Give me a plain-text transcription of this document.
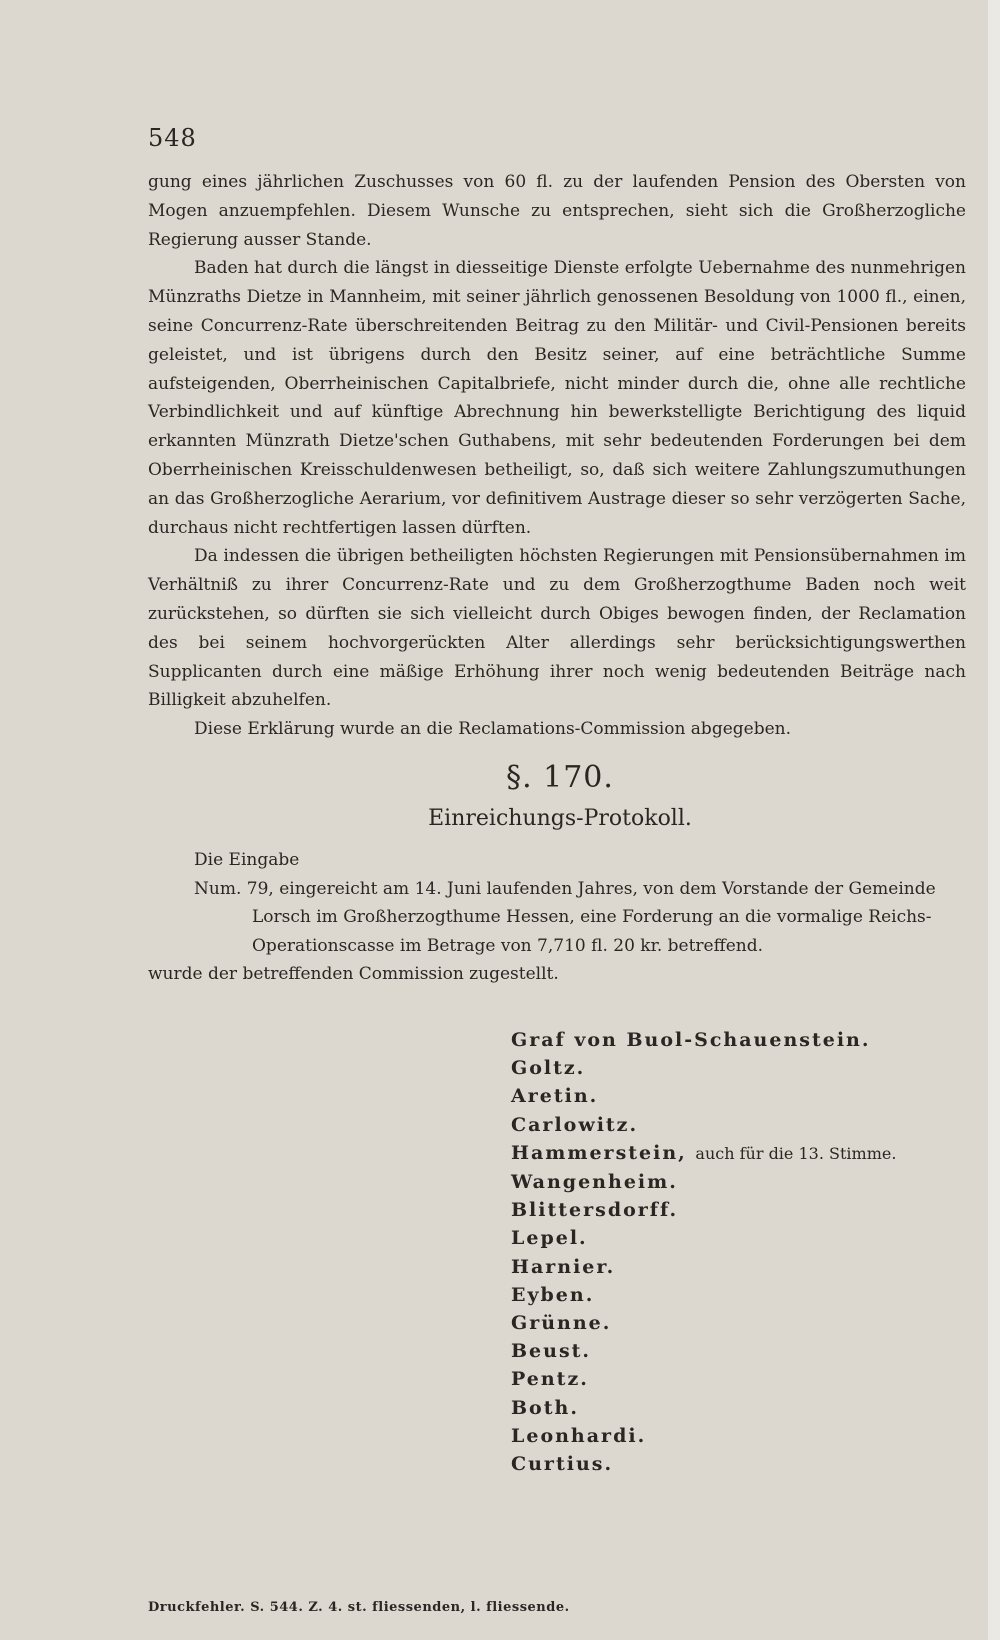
548

gung eines jährlichen Zuschusses von 60 fl. zu der laufenden Pension des Obersten von Mogen anzuempfehlen. Diesem Wunsche zu entsprechen, sieht sich die Großherzogliche Regierung ausser Stande.

Baden hat durch die längst in diesseitige Dienste erfolgte Uebernahme des nunmehrigen Münzraths Dietze in Mannheim, mit seiner jährlich genossenen Besoldung von 1000 fl., einen, seine Concurrenz-Rate überschreitenden Beitrag zu den Militär- und Civil-Pensionen bereits geleistet, und ist übrigens durch den Besitz seiner, auf eine beträchtliche Summe aufsteigenden, Oberrheinischen Capitalbriefe, nicht minder durch die, ohne alle rechtliche Verbindlichkeit und auf künftige Abrechnung hin bewerkstelligte Berichtigung des liquid erkannten Münzrath Dietze'schen Guthabens, mit sehr bedeutenden Forderungen bei dem Oberrheinischen Kreisschuldenwesen betheiligt, so, daß sich weitere Zahlungszumuthungen an das Großherzogliche Aerarium, vor definitivem Austrage dieser so sehr verzögerten Sache, durchaus nicht rechtfertigen lassen dürften.

Da indessen die übrigen betheiligten höchsten Regierungen mit Pensionsübernahmen im Verhältniß zu ihrer Concurrenz-Rate und zu dem Großherzogthume Baden noch weit zurückstehen, so dürften sie sich vielleicht durch Obiges bewogen finden, der Reclamation des bei seinem hochvorgerückten Alter allerdings sehr berücksichtigungswerthen Supplicanten durch eine mäßige Erhöhung ihrer noch wenig bedeutenden Beiträge nach Billigkeit abzuhelfen.

Diese Erklärung wurde an die Reclamations-Commission abgegeben.

§. 170.
Einreichungs-Protokoll.
Die Eingabe
Num. 79, eingereicht am 14. Juni laufenden Jahres, von dem Vorstande der Gemeinde
Lorsch im Großherzogthume Hessen, eine Forderung an die vormalige Reichs-
Operationscasse im Betrage von 7,710 fl. 20 kr. betreffend.
wurde der betreffenden Commission zugestellt.
Graf von Buol-Schauenstein.
Goltz.
Aretin.
Carlowitz.
Hammerstein, auch für die 13. Stimme.
Wangenheim.
Blittersdorff.
Lepel.
Harnier.
Eyben.
Grünne.
Beust.
Pentz.
Both.
Leonhardi.
Curtius.
Druckfehler. S. 544. Z. 4. st. fliessenden, l. fliessende.
